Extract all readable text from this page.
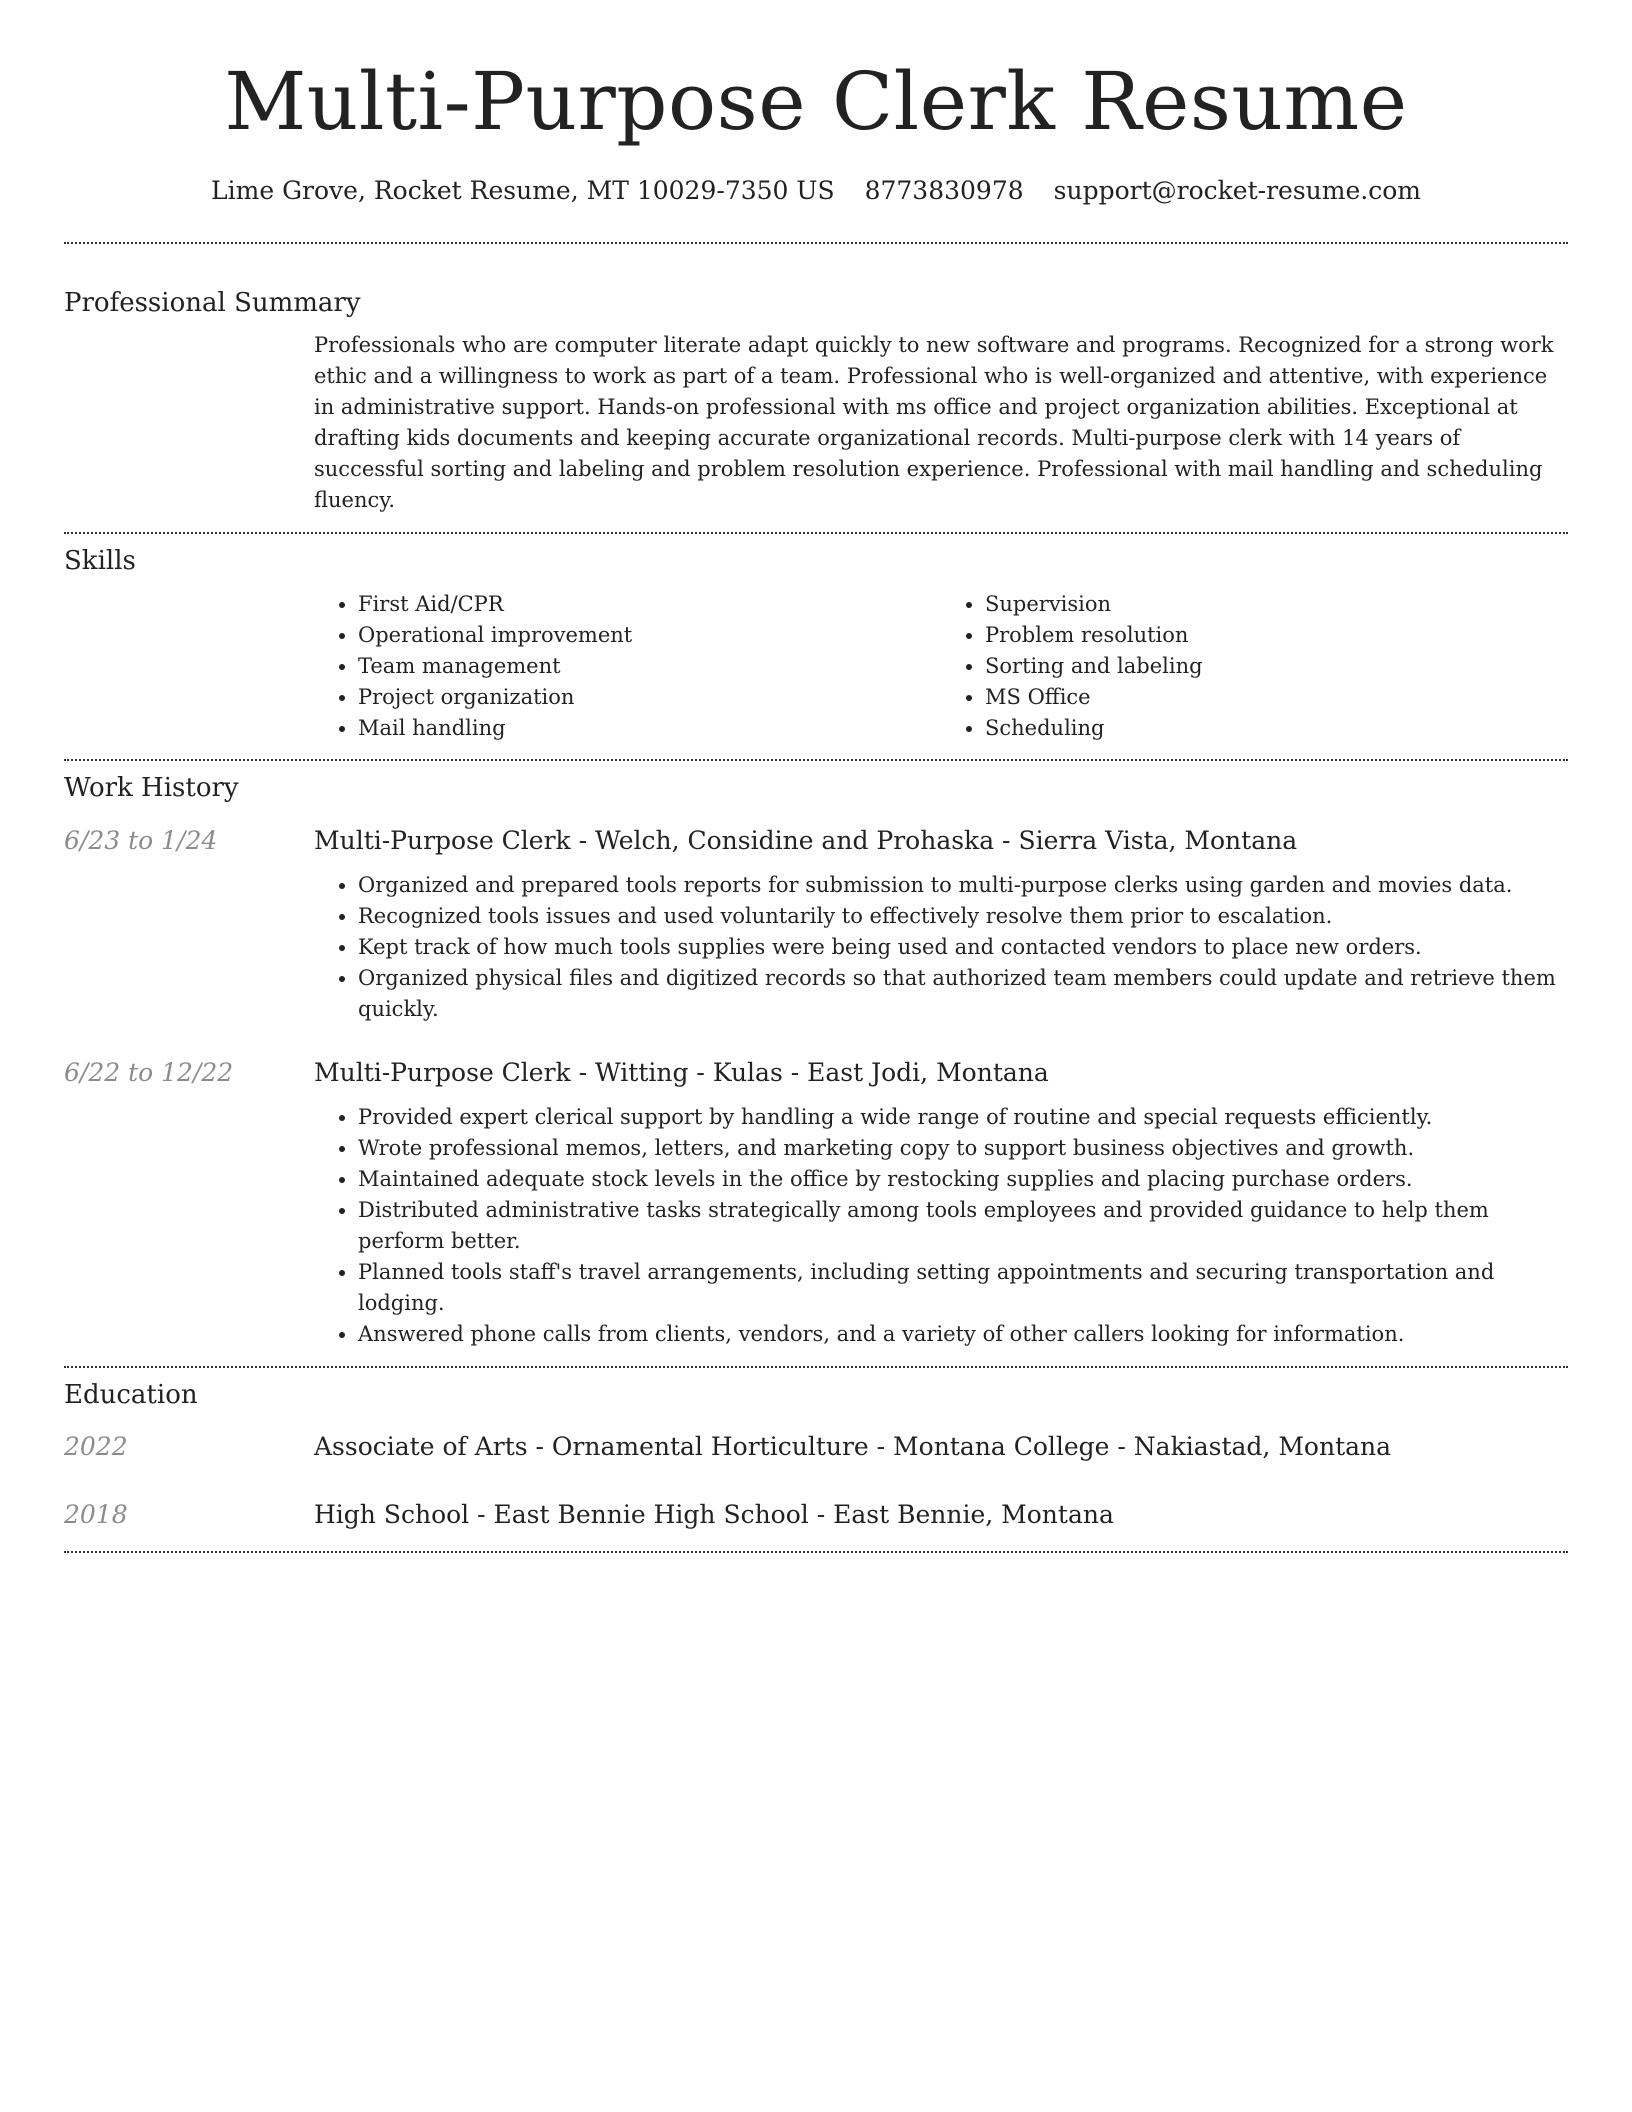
Multi-Purpose Clerk Resume
Lime Grove, Rocket Resume, MT 10029-7350 US 8773830978 support@rocket-resume.com
Professional Summary

Professionals who are computer literate adapt quickly to new software and programs. Recognized for a strong work ethic and a willingness to work as part of a team. Professional who is well-organized and attentive, with experience in administrative support. Hands-on professional with ms office and project organization abilities. Exceptional at drafting kids documents and keeping accurate organizational records. Multi-purpose clerk with 14 years of successful sorting and labeling and problem resolution experience. Professional with mail handling and scheduling fluency.

Skills
• First Aid/CPR
• Operational improvement
• Team management
• Project organization
• Mail handling
• Supervision
• Problem resolution
• Sorting and labeling
• MS Office
• Scheduling
Work History
6/23 to 1/24	Multi-Purpose Clerk - Welch, Considine and Prohaska - Sierra Vista, Montana
• Organized and prepared tools reports for submission to multi-purpose clerks using garden and movies data.
• Recognized tools issues and used voluntarily to effectively resolve them prior to escalation.
• Kept track of how much tools supplies were being used and contacted vendors to place new orders.
• Organized physical files and digitized records so that authorized team members could update and retrieve them quickly.
6/22 to 12/22	Multi-Purpose Clerk - Witting - Kulas - East Jodi, Montana
• Provided expert clerical support by handling a wide range of routine and special requests efficiently.
• Wrote professional memos, letters, and marketing copy to support business objectives and growth.
• Maintained adequate stock levels in the office by restocking supplies and placing purchase orders.
• Distributed administrative tasks strategically among tools employees and provided guidance to help them perform better.
• Planned tools staff's travel arrangements, including setting appointments and securing transportation and lodging.
• Answered phone calls from clients, vendors, and a variety of other callers looking for information.
Education
2022	Associate of Arts - Ornamental Horticulture - Montana College - Nakiastad, Montana
2018	High School - East Bennie High School - East Bennie, Montana
